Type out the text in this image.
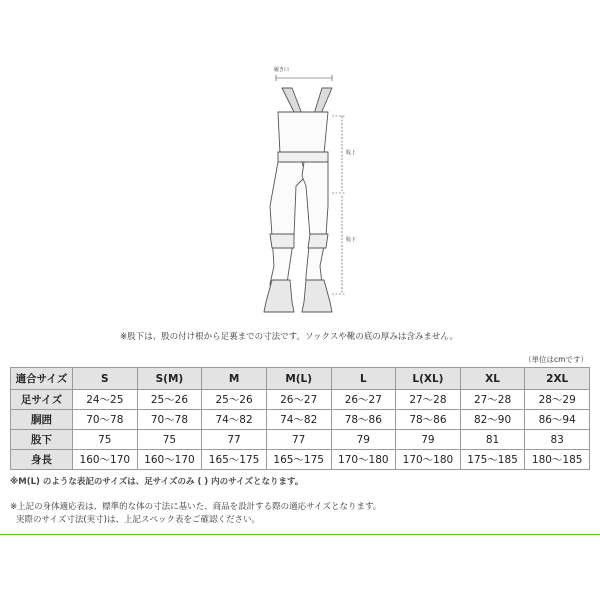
履き口
股上
股下
※股下は、股の付け根から足裏までの寸法です。ソックスや靴の底の厚みは含みません。
（単位はcmです）
適合サイズ	S	S(M)	M	M(L)	L	L(XL)	XL	2XL
足サイズ	24～25	25～26	25～26	26～27	26～27	27～28	27～28	28～29
胴囲	70～78	70～78	74～82	74～82	78～86	78～86	82～90	86～94
股下	75	75	77	77	79	79	81	83
身長	160～170	160～170	165～175	165～175	170～180	170～180	175～185	180～185
※M(L) のような表記のサイズは、足サイズのみ ( ) 内のサイズとなります。
※上記の身体適応表は、標準的な体の寸法に基いた、商品を設計する際の適応サイズとなります。
実際のサイズ寸法(実寸)は、上記スペック表をご確認ください。
